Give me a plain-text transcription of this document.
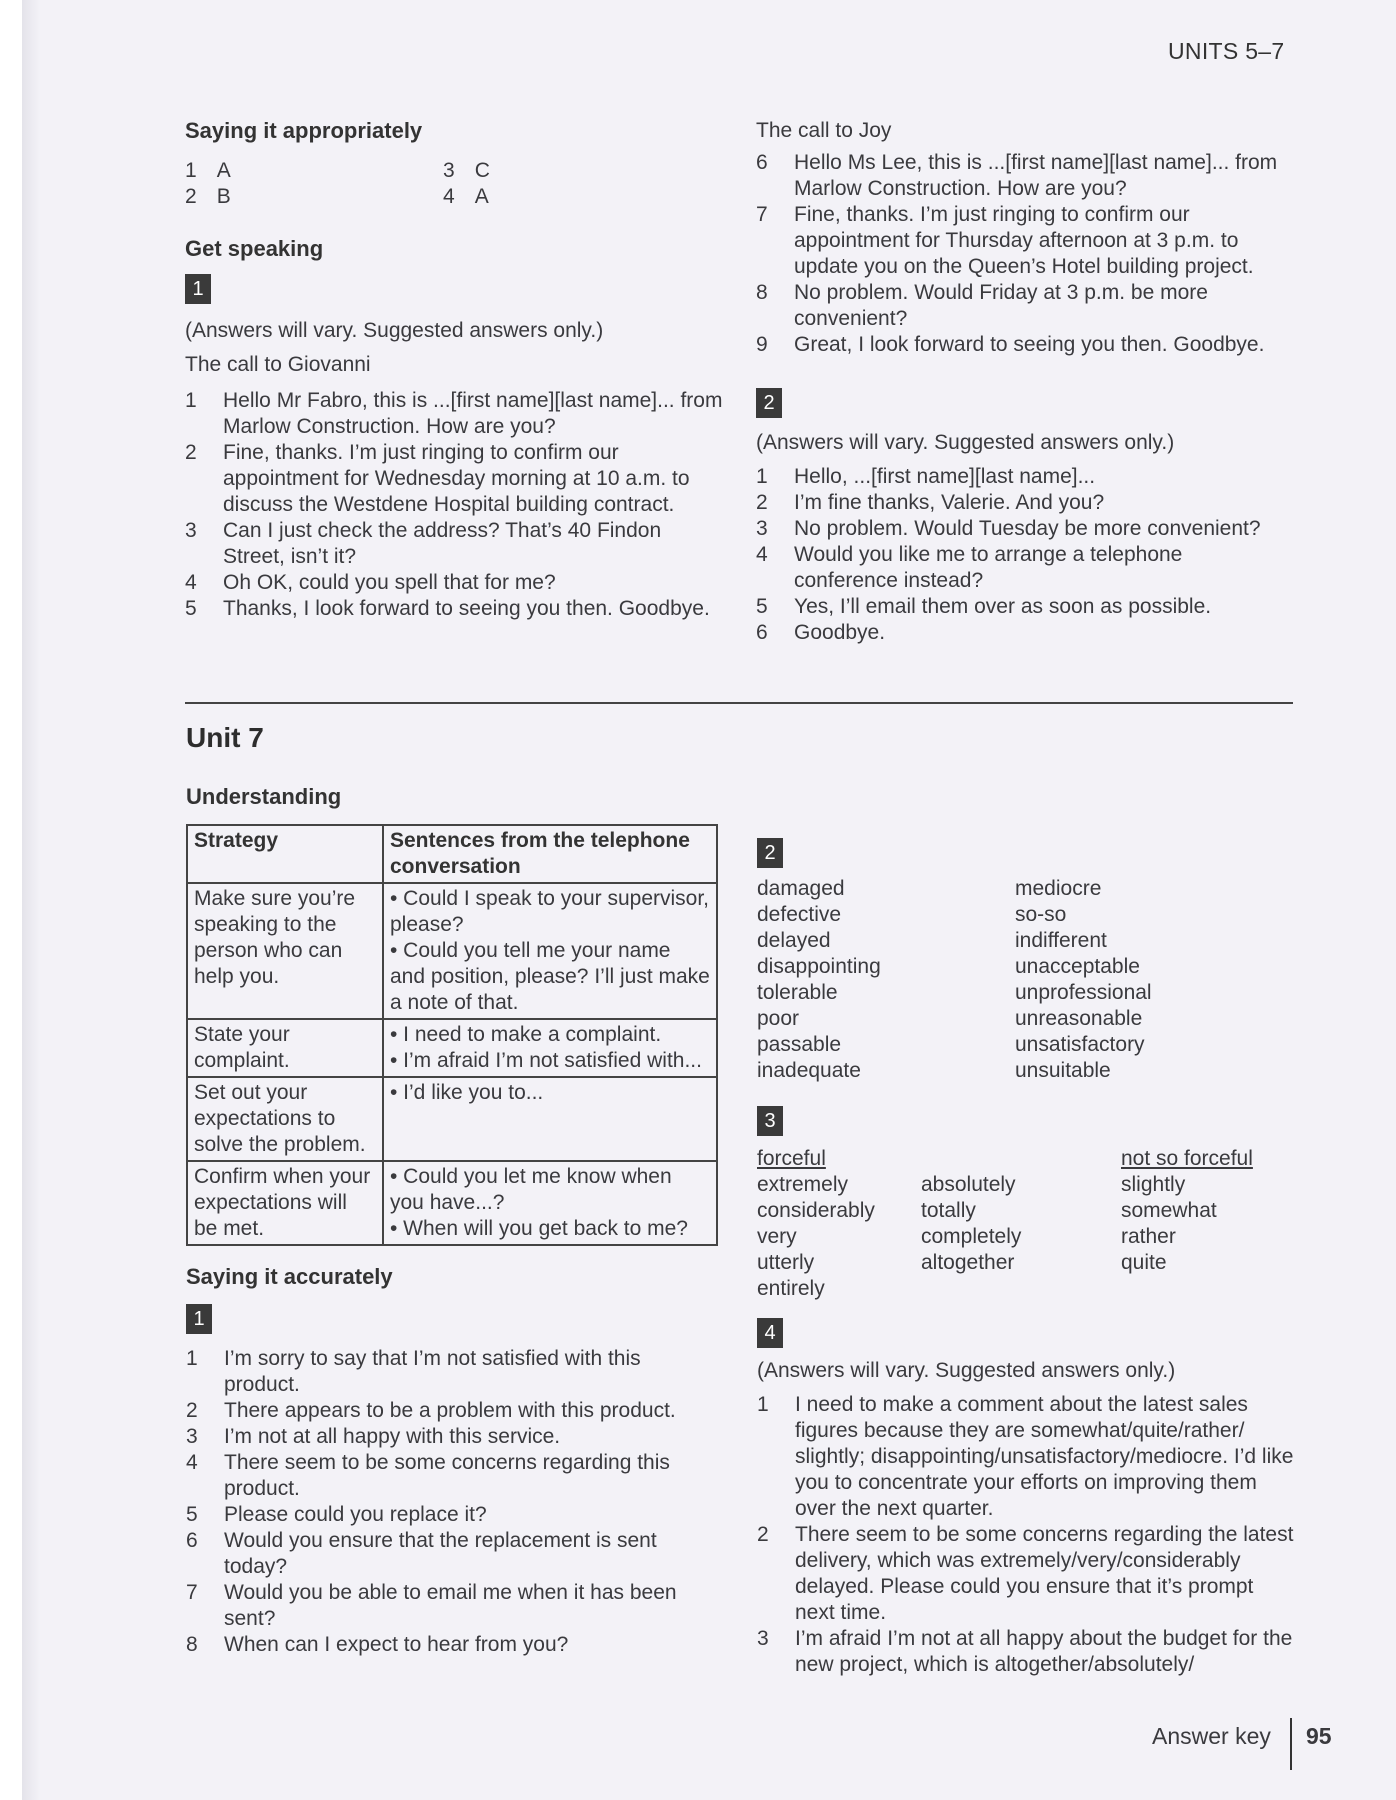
UNITS 5–7
Saying it appropriately
1 A	3 C
2 B	4 A
Get speaking
1

(Answers will vary. Suggested answers only.)

The call to Giovanni

1	Hello Mr Fabro, this is ...[first name][last name]... from Marlow Construction. How are you?
2	Fine, thanks. I’m just ringing to confirm our appointment for Wednesday morning at 10 a.m. to discuss the Westdene Hospital building contract.
3	Can I just check the address? That’s 40 Findon Street, isn’t it?
4	Oh OK, could you spell that for me?
5	Thanks, I look forward to seeing you then. Goodbye.

The call to Joy

6	Hello Ms Lee, this is ...[first name][last name]... from Marlow Construction. How are you?
7	Fine, thanks. I’m just ringing to confirm our appointment for Thursday afternoon at 3 p.m. to update you on the Queen’s Hotel building project.
8	No problem. Would Friday at 3 p.m. be more convenient?
9	Great, I look forward to seeing you then. Goodbye.
2

(Answers will vary. Suggested answers only.)

1	Hello, ...[first name][last name]...
2	I’m fine thanks, Valerie. And you?
3	No problem. Would Tuesday be more convenient?
4	Would you like me to arrange a telephone conference instead?
5	Yes, I’ll email them over as soon as possible.
6	Goodbye.
Unit 7
Understanding
Strategy	Sentences from the telephone conversation
Make sure you’re speaking to the person who can help you.	• Could I speak to your supervisor, please?
• Could you tell me your name and position, please? I’ll just make a note of that.

State your complaint.	• I need to make a complaint.
• I’m afraid I’m not satisfied with...

Set out your expectations to solve the problem.	• I’d like you to...

Confirm when your expectations will be met.	• Could you let me know when you have...?
• When will you get back to me?
Saying it accurately
1
1	I’m sorry to say that I’m not satisfied with this product.
2	There appears to be a problem with this product.
3	I’m not at all happy with this service.
4	There seem to be some concerns regarding this product.
5	Please could you replace it?
6	Would you ensure that the replacement is sent today?
7	Would you be able to email me when it has been sent?
8	When can I expect to hear from you?
2
damaged
defective
delayed
disappointing
tolerable
poor
passable
inadequate
mediocre
so-so
indifferent
unacceptable
unprofessional
unreasonable
unsatisfactory
unsuitable
3
forceful
extremely
considerably
very
utterly
entirely
absolutely
totally
completely
altogether
not so forceful
slightly
somewhat
rather
quite
4

(Answers will vary. Suggested answers only.)

1	I need to make a comment about the latest sales figures because they are somewhat/quite/rather/ slightly; disappointing/unsatisfactory/mediocre. I’d like you to concentrate your efforts on improving them over the next quarter.
2	There seem to be some concerns regarding the latest delivery, which was extremely/very/considerably delayed. Please could you ensure that it’s prompt next time.
3	I’m afraid I’m not at all happy about the budget for the new project, which is altogether/absolutely/
Answer key 95
